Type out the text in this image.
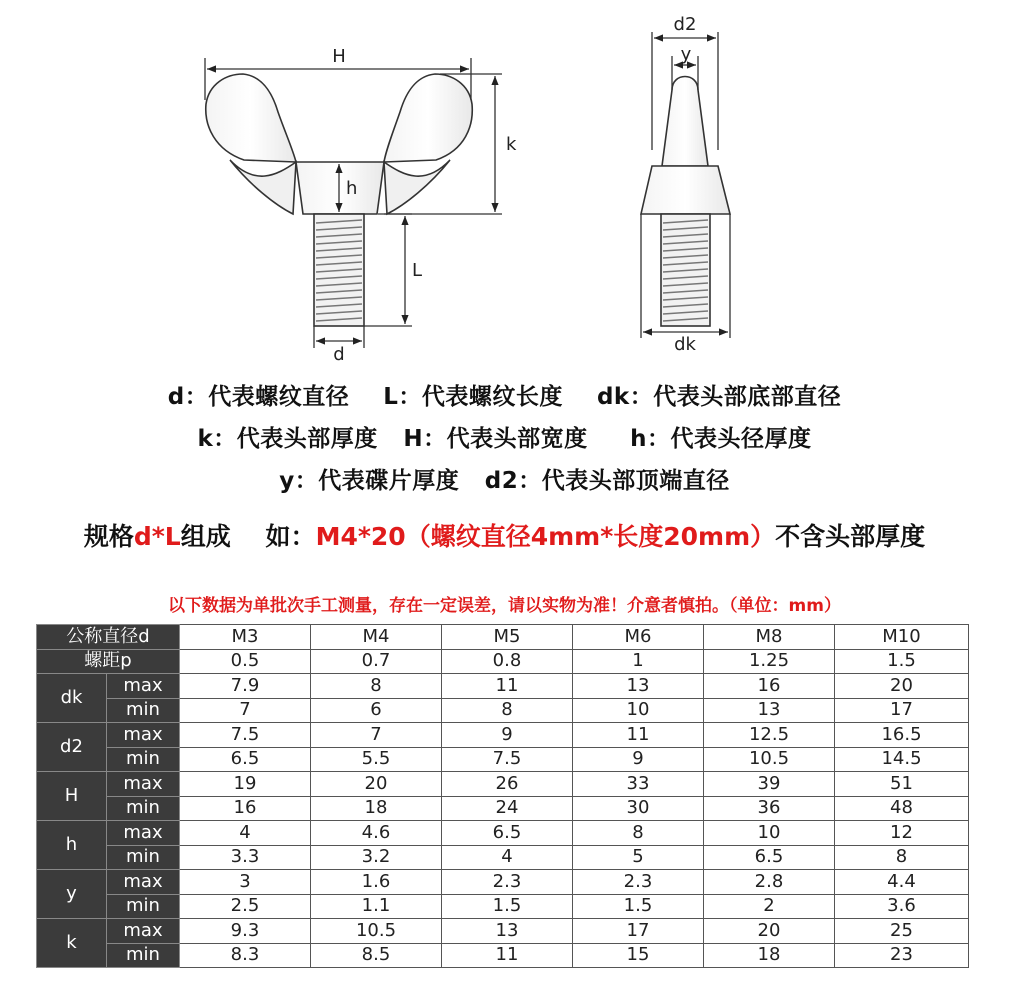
H
k
h
L
d
d2
y
dk
d：代表螺纹直径 L：代表螺纹长度 dk：代表头部底部直径
k：代表头部厚度 H：代表头部宽度 h：代表头径厚度
y：代表碟片厚度 d2：代表头部顶端直径
规格d*L组成    如：M4*20（螺纹直径4mm*长度20mm）不含头部厚度
以下数据为单批次手工测量，存在一定误差，请以实物为准！介意者慎拍。（单位：mm）
公称直径d		M3	M4	M5	M6	M8	M10
螺距p		0.5	0.7	0.8	1	1.25	1.5
dk	max	7.9	8	11	13	16	20
	min	7	6	8	10	13	17
d2	max	7.5	7	9	11	12.5	16.5
	min	6.5	5.5	7.5	9	10.5	14.5
H	max	19	20	26	33	39	51
	min	16	18	24	30	36	48
h	max	4	4.6	6.5	8	10	12
	min	3.3	3.2	4	5	6.5	8
y	max	3	1.6	2.3	2.3	2.8	4.4
	min	2.5	1.1	1.5	1.5	2	3.6
k	max	9.3	10.5	13	17	20	25
	min	8.3	8.5	11	15	18	23
